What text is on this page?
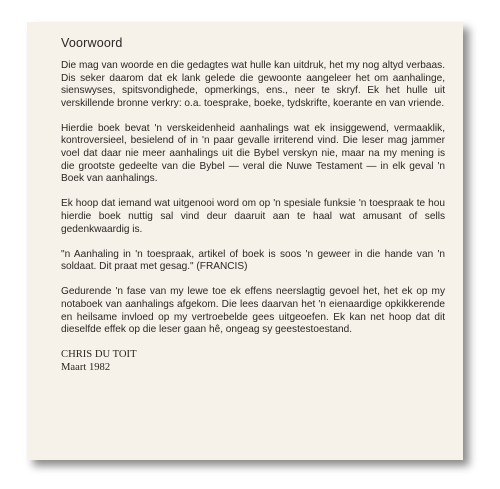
Voorwoord

Die mag van woorde en die gedagtes wat hulle kan uitdruk, het my nog altyd verbaas. Dis seker daarom dat ek lank gelede die gewoonte aangeleer het om aanhalinge, sienswyses, spitsvondighede, opmerkings, ens., neer te skryf. Ek het hulle uit verskillende bronne verkry: o.a. toesprake, boeke, tydskrifte, koerante en van vriende.

Hierdie boek bevat 'n verskeidenheid aanhalings wat ek insiggewend, vermaaklik, kontroversieel, besielend of in 'n paar gevalle irriterend vind. Die leser mag jammer voel dat daar nie meer aanhalings uit die Bybel verskyn nie, maar na my mening is die grootste gedeelte van die Bybel — veral die Nuwe Testament — in elk geval 'n Boek van aanhalings.

Ek hoop dat iemand wat uitgenooi word om op 'n spesiale funksie 'n toespraak te hou hierdie boek nuttig sal vind deur daaruit aan te haal wat amusant of sells gedenkwaardig is.

"n Aanhaling in 'n toespraak, artikel of boek is soos 'n geweer in die hande van 'n soldaat. Dit praat met gesag." (FRANCIS)

Gedurende 'n fase van my lewe toe ek effens neerslagtig gevoel het, het ek op my notaboek van aanhalings afgekom. Die lees daarvan het 'n eienaardige opkikkerende en heilsame invloed op my vertroebelde gees uitgeoefen. Ek kan net hoop dat dit dieselfde effek op die leser gaan hê, ongeag sy geestestoestand.

CHRIS DU TOIT

Maart 1982
